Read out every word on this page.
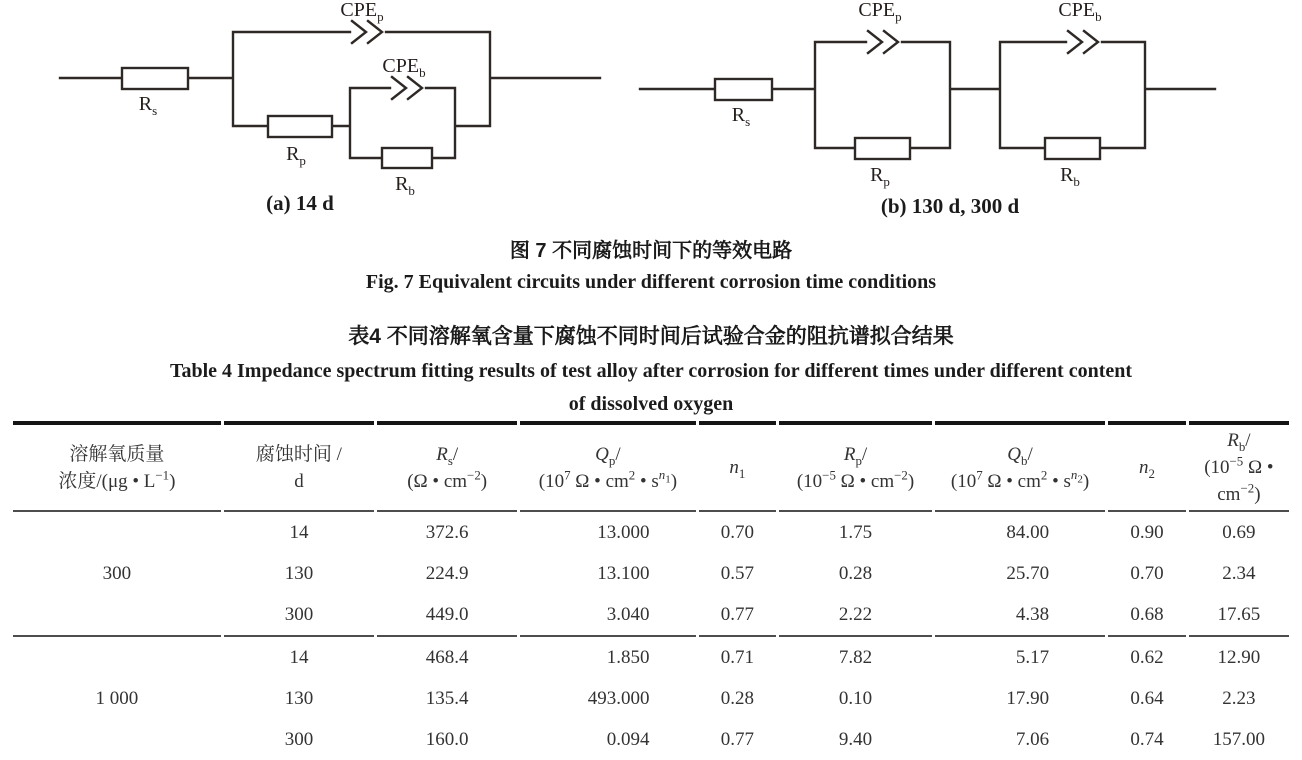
$R_s$
$R_p$
$R_b$
$CPE_p$
$CPE_b$
(a) 14 d
$R_s$
$R_p$	$R_b$
$CPE_p$	$CPE_b$
(b) 130 d, 300 d
图 7 不同腐蚀时间下的等效电路
Fig. 7 Equivalent circuits under different corrosion time conditions
表4 不同溶解氧含量下腐蚀不同时间后试验合金的阻抗谱拟合结果
Table 4 Impedance spectrum fitting results of test alloy after corrosion for different times under different content
of dissolved oxygen
溶解氧质量
浓度/(μg • $L^{-1}$)

腐蚀时间 /
d

$R_s/$
(Ω • $cm^{-2}$)

$Q_p/$
($10^7$ Ω • $cm^2$ • $s^{n_1}$)

$n_1$

$R_p/$
($10^{-5}$ Ω • $cm^{-2}$)

$Q_b/$
($10^7$ Ω • $cm^2$ • $s^{n_2}$)

$n_2$

$R_b/$
($10^{-5}$ Ω • $cm^{-2}$)

300	14	372.6	13.000	0.70	1.75	84.00	0.90	0.69
	130	224.9	13.100	0.57	0.28	25.70	0.70	2.34
	300	449.0	3.040	0.77	2.22	4.38	0.68	17.65
1 000	14	468.4	1.850	0.71	7.82	5.17	0.62	12.90
	130	135.4	493.000	0.28	0.10	17.90	0.64	2.23
	300	160.0	0.094	0.77	9.40	7.06	0.74	157.00
